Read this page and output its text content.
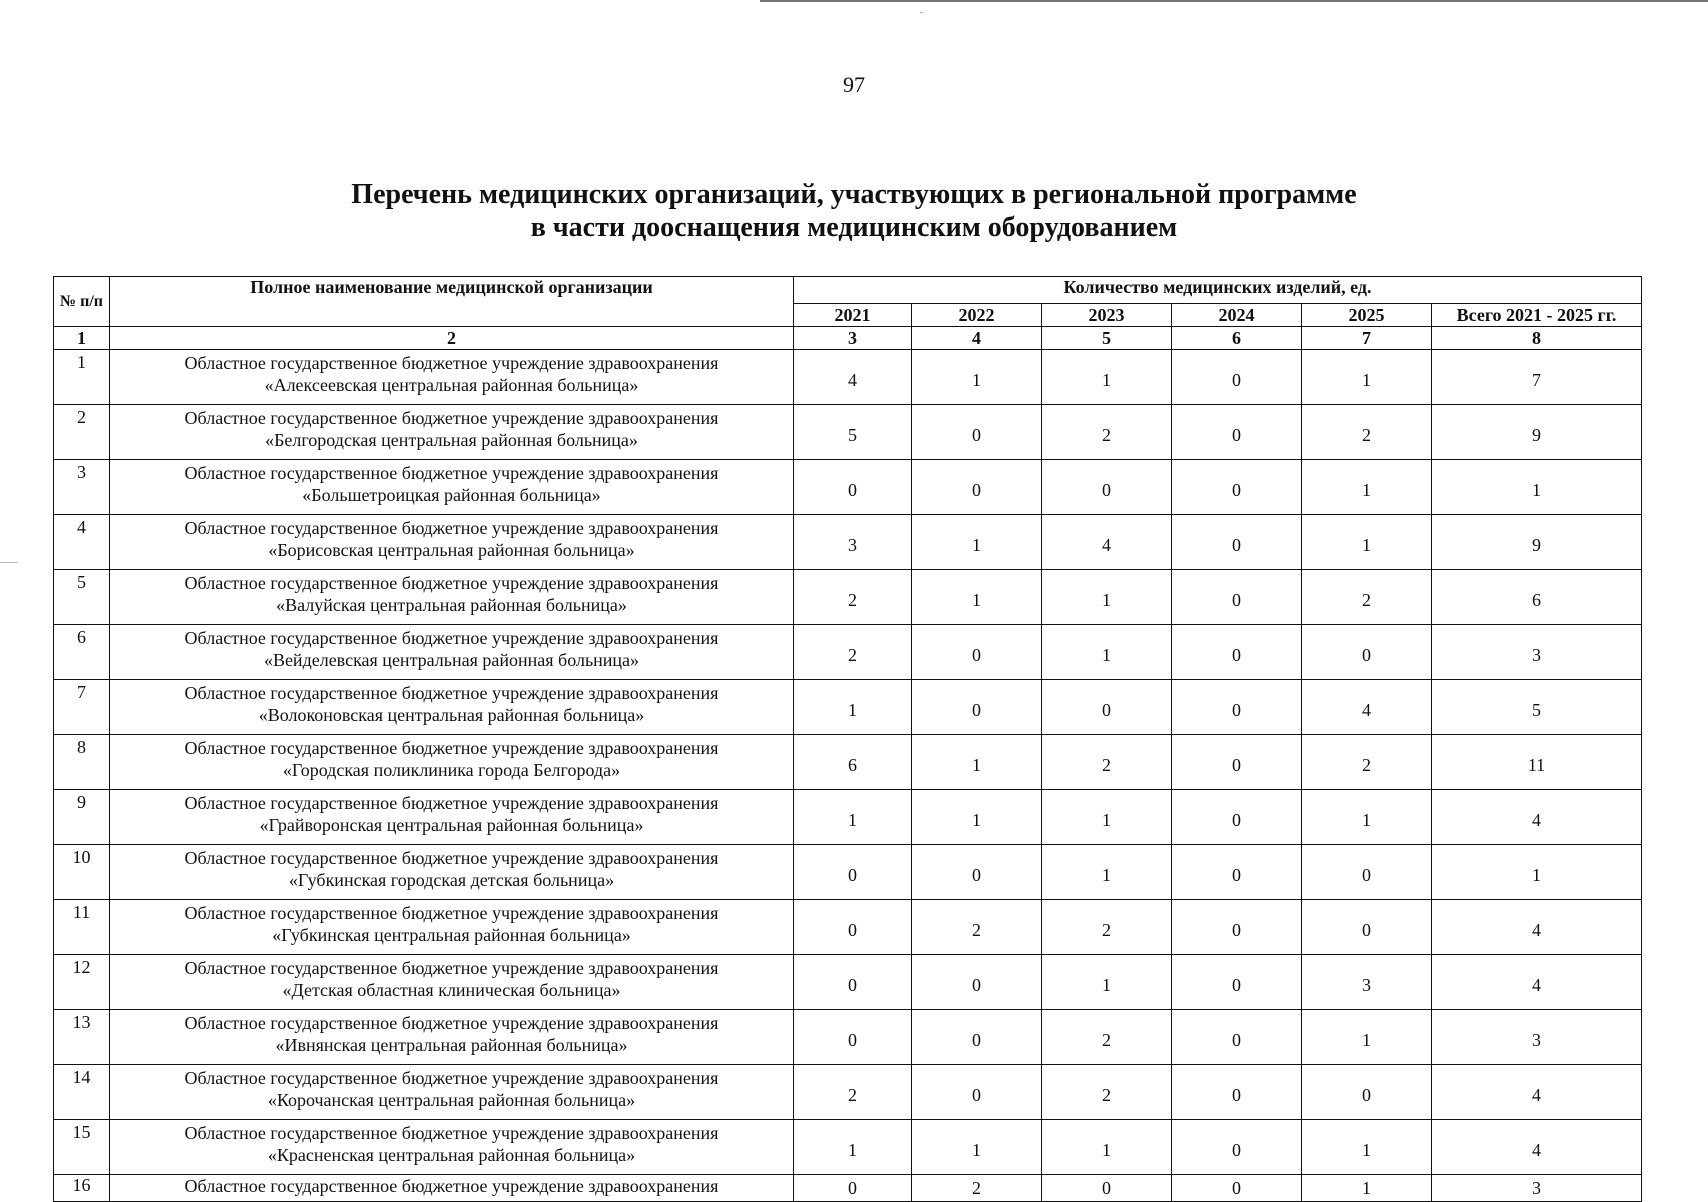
97
Перечень медицинских организаций, участвующих в региональной программе
в части дооснащения медицинским оборудованием
№ п/п	Полное наименование медицинской организации	Количество медицинских изделий, ед.					
		2021	2022	2023	2024	2025	Всего 2021 - 2025 гг.
1	2	3	4	5	6	7	8
1	Областное государственное бюджетное учреждение здравоохранения
«Алексеевская центральная районная больница»	4	1	1	0	1	7
2	Областное государственное бюджетное учреждение здравоохранения
«Белгородская центральная районная больница»	5	0	2	0	2	9
3	Областное государственное бюджетное учреждение здравоохранения
«Большетроицкая районная больница»	0	0	0	0	1	1
4	Областное государственное бюджетное учреждение здравоохранения
«Борисовская центральная районная больница»	3	1	4	0	1	9
5	Областное государственное бюджетное учреждение здравоохранения
«Валуйская центральная районная больница»	2	1	1	0	2	6
6	Областное государственное бюджетное учреждение здравоохранения
«Вейделевская центральная районная больница»	2	0	1	0	0	3
7	Областное государственное бюджетное учреждение здравоохранения
«Волоконовская центральная районная больница»	1	0	0	0	4	5
8	Областное государственное бюджетное учреждение здравоохранения
«Городская поликлиника города Белгорода»	6	1	2	0	2	11
9	Областное государственное бюджетное учреждение здравоохранения
«Грайворонская центральная районная больница»	1	1	1	0	1	4
10	Областное государственное бюджетное учреждение здравоохранения
«Губкинская городская детская больница»	0	0	1	0	0	1
11	Областное государственное бюджетное учреждение здравоохранения
«Губкинская центральная районная больница»	0	2	2	0	0	4
12	Областное государственное бюджетное учреждение здравоохранения
«Детская областная клиническая больница»	0	0	1	0	3	4
13	Областное государственное бюджетное учреждение здравоохранения
«Ивнянская центральная районная больница»	0	0	2	0	1	3
14	Областное государственное бюджетное учреждение здравоохранения
«Корочанская центральная районная больница»	2	0	2	0	0	4
15	Областное государственное бюджетное учреждение здравоохранения
«Красненская центральная районная больница»	1	1	1	0	1	4
16	Областное государственное бюджетное учреждение здравоохранения	0	2	0	0	1	3
